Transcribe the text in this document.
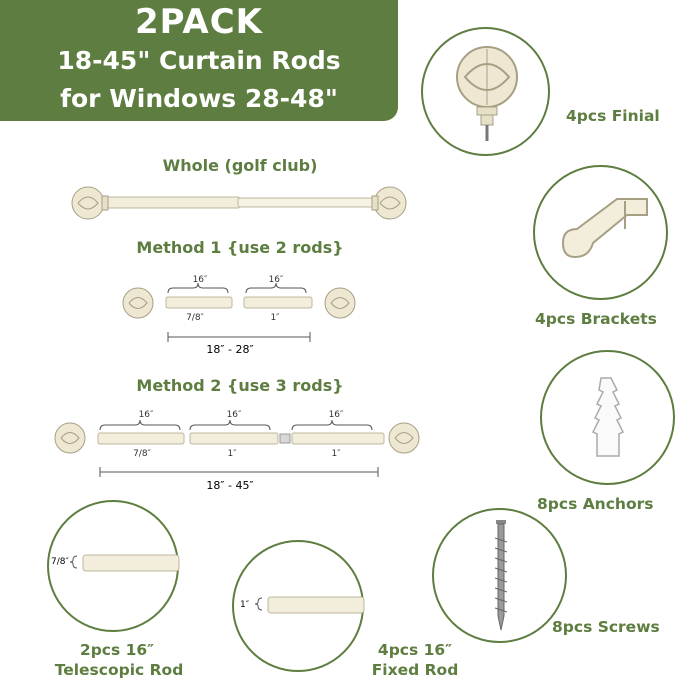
2PACK
18-45" Curtain Rods
for Windows 28-48"
Whole (golf club)
Method 1 {use 2 rods}
16″	16″
7/8″	1″
18″ - 28″
Method 2 {use 3 rods}
16″	16″	16″
7/8″	1″	1″
18″ - 45″
4pcs Finial
4pcs Brackets
8pcs Anchors
8pcs Screws
7/8″
2pcs 16″
Telescopic Rod
1″
4pcs 16″
Fixed Rod
